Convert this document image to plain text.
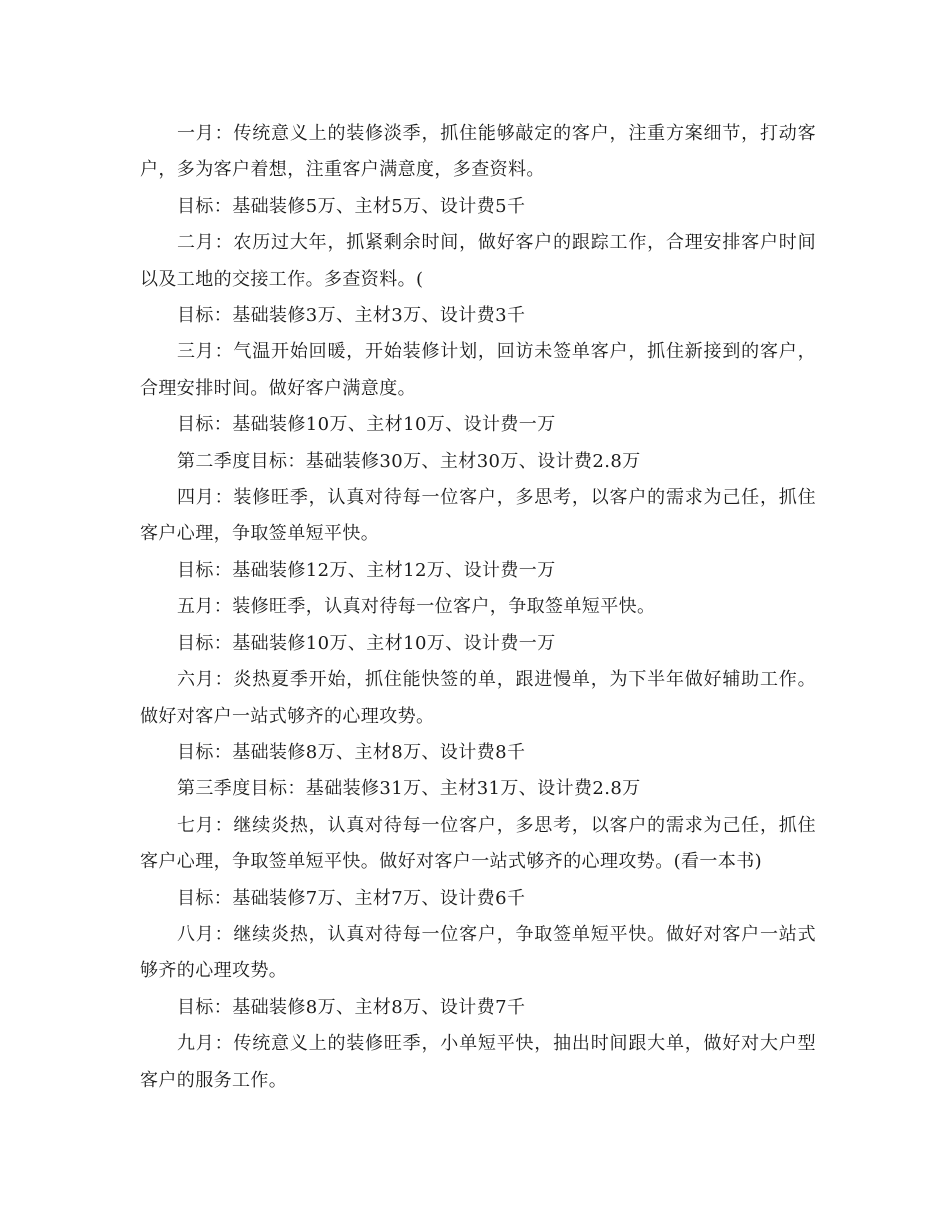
一月：传统意义上的装修淡季，抓住能够敲定的客户，注重方案细节，打动客户，多为客户着想，注重客户满意度，多查资料。

目标：基础装修5万、主材5万、设计费5千

二月：农历过大年，抓紧剩余时间，做好客户的跟踪工作，合理安排客户时间以及工地的交接工作。多查资料。(

目标：基础装修3万、主材3万、设计费3千

三月：气温开始回暖，开始装修计划，回访未签单客户，抓住新接到的客户，合理安排时间。做好客户满意度。

目标：基础装修10万、主材10万、设计费一万

第二季度目标：基础装修30万、主材30万、设计费2.8万

四月：装修旺季，认真对待每一位客户，多思考，以客户的需求为己任，抓住客户心理，争取签单短平快。

目标：基础装修12万、主材12万、设计费一万

五月：装修旺季，认真对待每一位客户，争取签单短平快。

目标：基础装修10万、主材10万、设计费一万

六月：炎热夏季开始，抓住能快签的单，跟进慢单，为下半年做好辅助工作。做好对客户一站式够齐的心理攻势。

目标：基础装修8万、主材8万、设计费8千

第三季度目标：基础装修31万、主材31万、设计费2.8万

七月：继续炎热，认真对待每一位客户，多思考，以客户的需求为己任，抓住客户心理，争取签单短平快。做好对客户一站式够齐的心理攻势。(看一本书)

目标：基础装修7万、主材7万、设计费6千

八月：继续炎热，认真对待每一位客户，争取签单短平快。做好对客户一站式够齐的心理攻势。

目标：基础装修8万、主材8万、设计费7千

九月：传统意义上的装修旺季，小单短平快，抽出时间跟大单，做好对大户型客户的服务工作。
